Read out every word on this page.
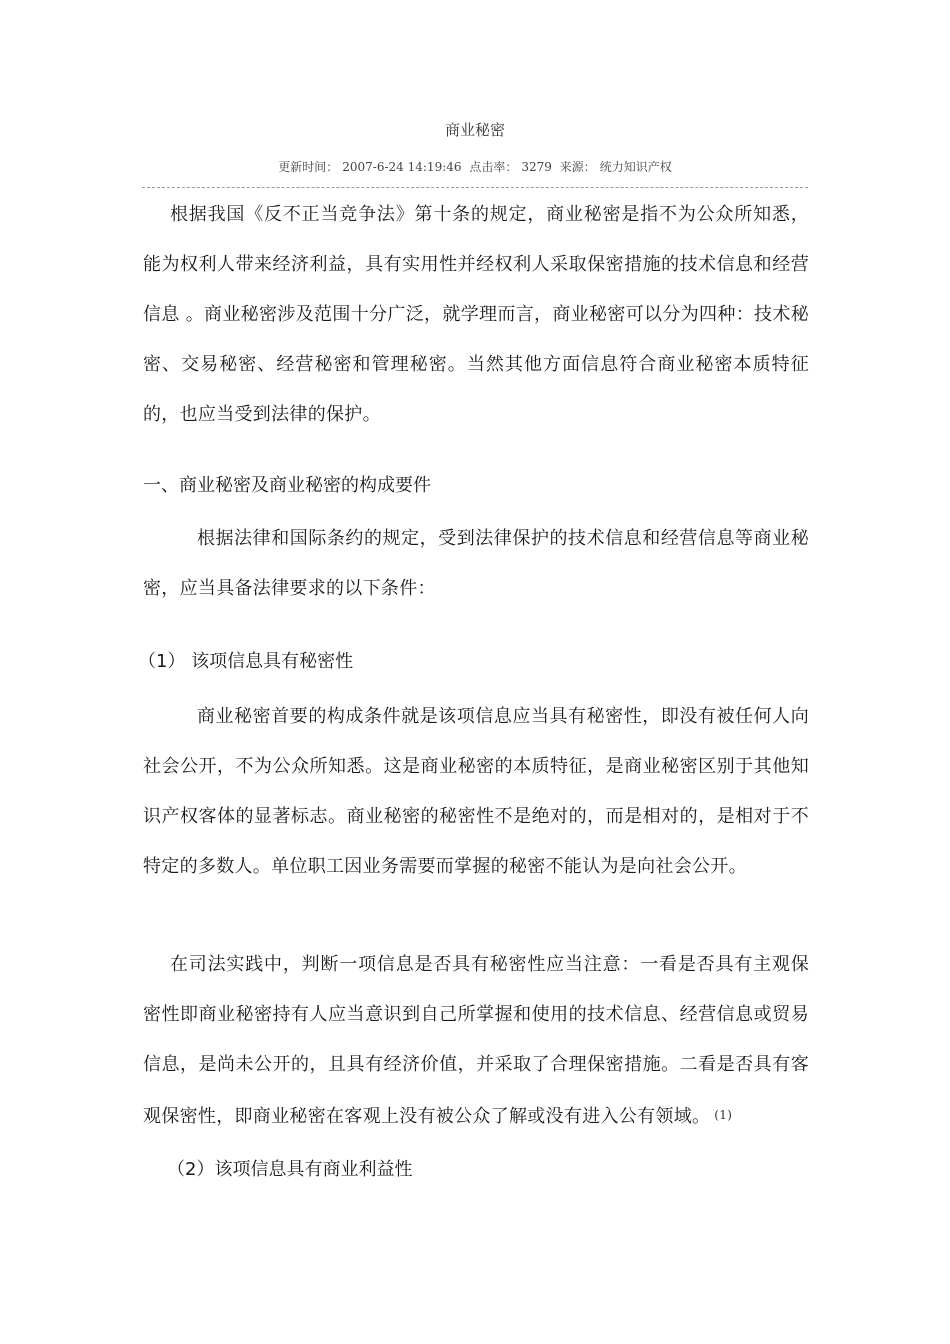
商业秘密
更新时间： 2007-6-24 14:19:46 点击率： 3279 来源： 统力知识产权

根据我国《反不正当竞争法》第十条的规定，商业秘密是指不为公众所知悉，能为权利人带来经济利益，具有实用性并经权利人采取保密措施的技术信息和经营信息 。商业秘密涉及范围十分广泛，就学理而言，商业秘密可以分为四种：技术秘密、交易秘密、经营秘密和管理秘密。当然其他方面信息符合商业秘密本质特征的，也应当受到法律的保护。

一、商业秘密及商业秘密的构成要件

根据法律和国际条约的规定，受到法律保护的技术信息和经营信息等商业秘密，应当具备法律要求的以下条件：

（1） 该项信息具有秘密性

商业秘密首要的构成条件就是该项信息应当具有秘密性，即没有被任何人向社会公开，不为公众所知悉。这是商业秘密的本质特征，是商业秘密区别于其他知识产权客体的显著标志。商业秘密的秘密性不是绝对的，而是相对的，是相对于不特定的多数人。单位职工因业务需要而掌握的秘密不能认为是向社会公开。

在司法实践中，判断一项信息是否具有秘密性应当注意：一看是否具有主观保密性即商业秘密持有人应当意识到自己所掌握和使用的技术信息、经营信息或贸易信息，是尚未公开的，且具有经济价值，并采取了合理保密措施。二看是否具有客观保密性，即商业秘密在客观上没有被公众了解或没有进入公有领域。 (1)

（2）该项信息具有商业利益性
